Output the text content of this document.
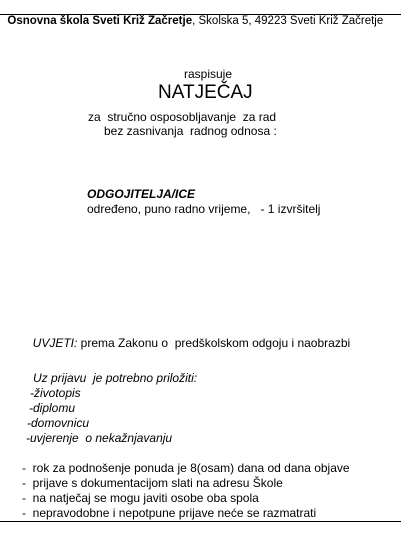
Osnovna škola Sveti Križ Začretje, Skolska 5, 49223 Sveti Križ Začretje

raspisuje
NATJEČAJ
za  stručno osposobljavanje  za rad
bez zasnivanja  radnog odnosa :
ODGOJITELJA/ICE
određeno, puno radno vrijeme,   - 1 izvršitelj

UVJETI: prema Zakonu o  predškolskom odgoju i naobrazbi

Uz prijavu  je potrebno priložiti:
-životopis
-diplomu
-domovnicu
-uvjerenje  o nekažnjavanju
-  rok za podnošenje ponuda je 8(osam) dana od dana objave
-  prijave s dokumentacijom slati na adresu Škole
-  na natječaj se mogu javiti osobe oba spola
-  nepravodobne i nepotpune prijave neće se razmatrati
